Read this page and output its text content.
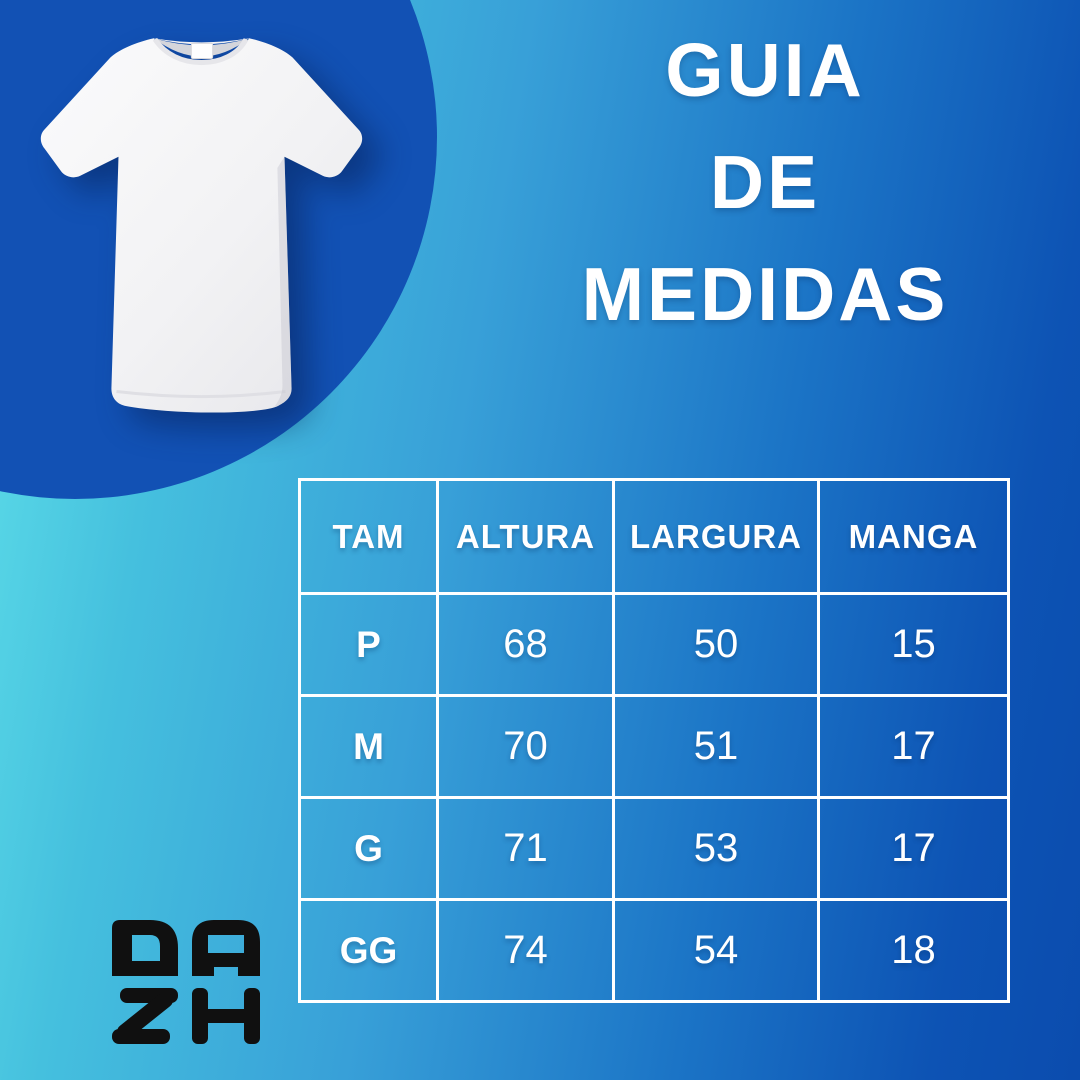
GUIA
DE
MEDIDAS
TAM	ALTURA	LARGURA	MANGA
P	68	50	15
M	70	51	17
G	71	53	17
GG	74	54	18
